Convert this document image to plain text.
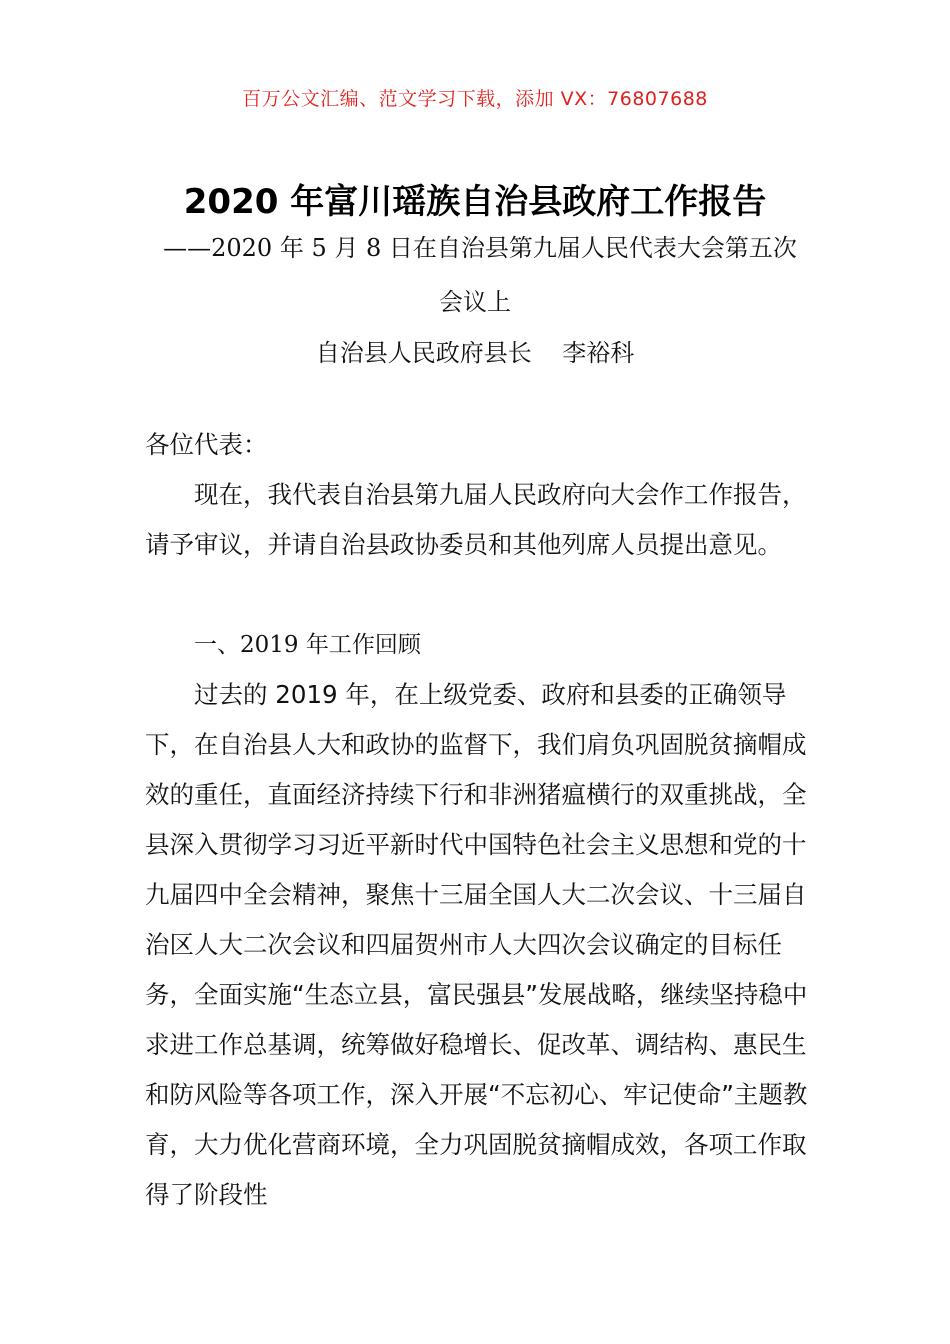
百万公文汇编、范文学习下载，添加 VX：76807688
2020 年富川瑶族自治县政府工作报告
——2020 年 5 月 8 日在自治县第九届人民代表大会第五次
会议上
自治县人民政府县长    李裕科

各位代表：

现在，我代表自治县第九届人民政府向大会作工作报告，请予审议，并请自治县政协委员和其他列席人员提出意见。

一、2019 年工作回顾

过去的 2019 年，在上级党委、政府和县委的正确领导下，在自治县人大和政协的监督下，我们肩负巩固脱贫摘帽成效的重任，直面经济持续下行和非洲猪瘟横行的双重挑战，全县深入贯彻学习习近平新时代中国特色社会主义思想和党的十九届四中全会精神，聚焦十三届全国人大二次会议、十三届自治区人大二次会议和四届贺州市人大四次会议确定的目标任务，全面实施“生态立县，富民强县”发展战略，继续坚持稳中求进工作总基调，统筹做好稳增长、促改革、调结构、惠民生和防风险等各项工作，深入开展“不忘初心、牢记使命”主题教育，大力优化营商环境，全力巩固脱贫摘帽成效，各项工作取得了阶段性
